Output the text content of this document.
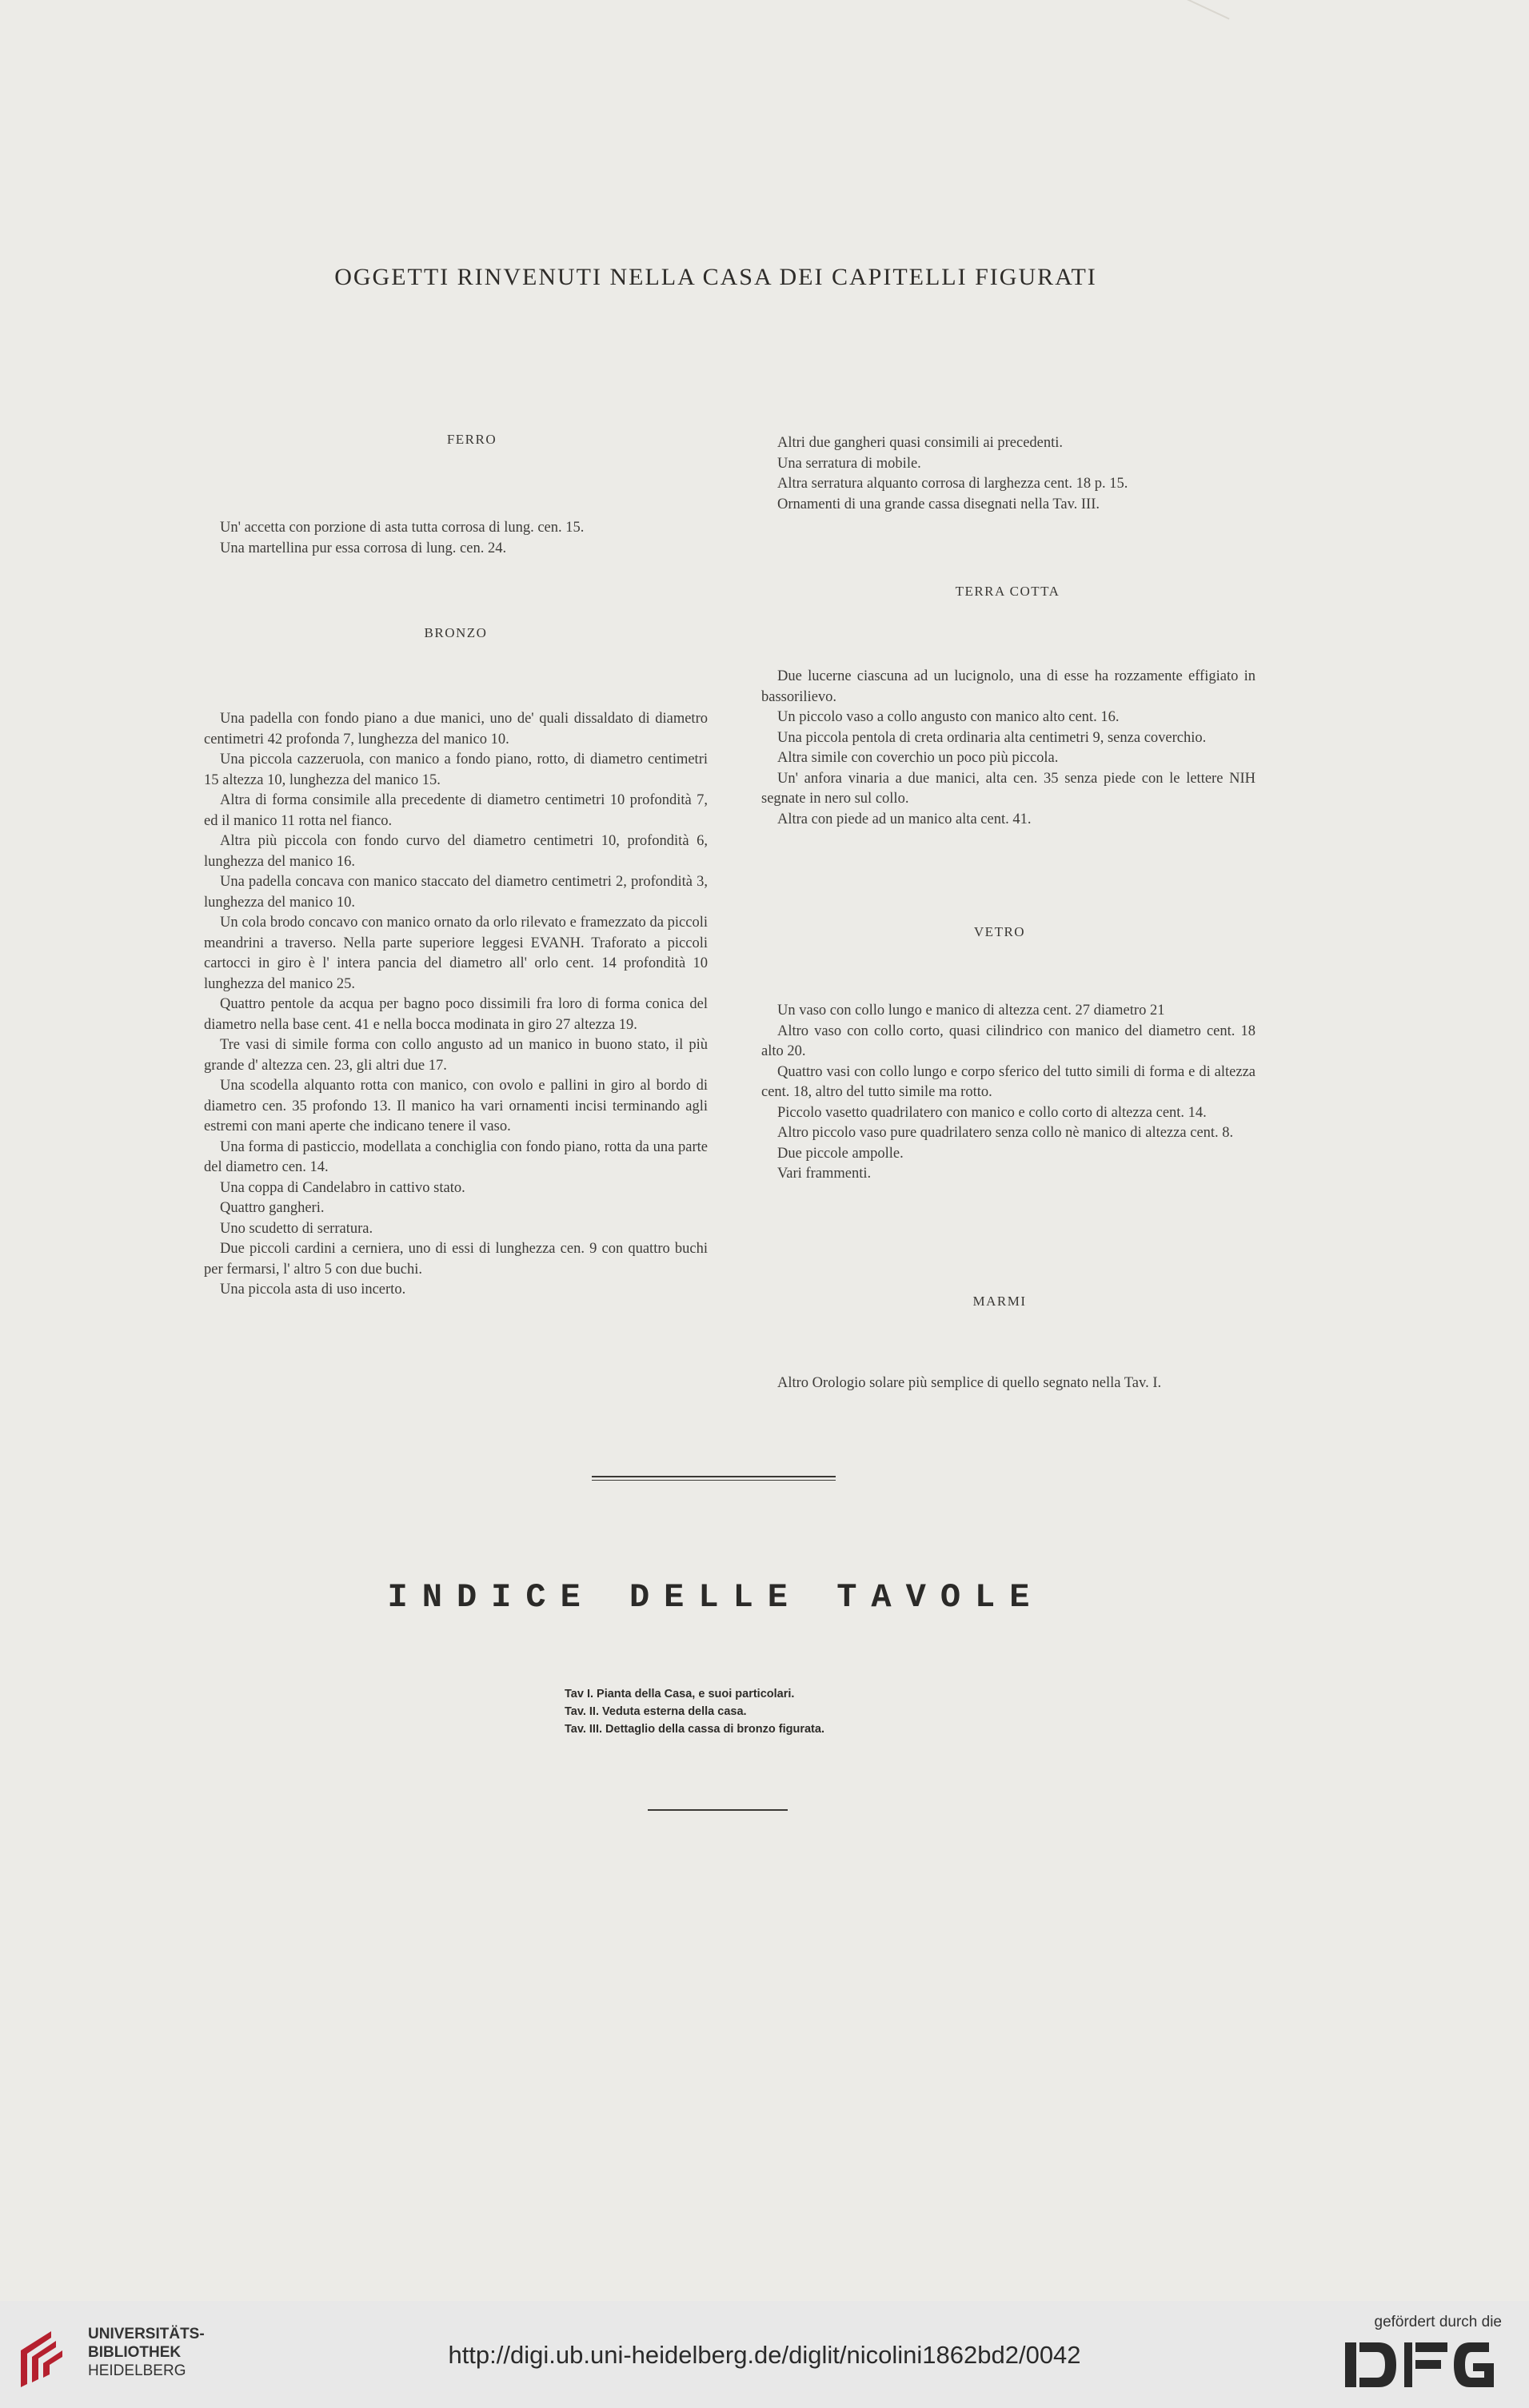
OGGETTI RINVENUTI NELLA CASA DEI CAPITELLI FIGURATI
FERRO

Un' accetta con porzione di asta tutta corrosa di lung. cen. 15.

Una martellina pur essa corrosa di lung. cen. 24.

BRONZO

Una padella con fondo piano a due manici, uno de' quali dissaldato di diametro centimetri 42 profonda 7, lunghezza del manico 10.

Una piccola cazzeruola, con manico a fondo piano, rotto, di diametro centimetri 15 altezza 10, lunghezza del manico 15.

Altra di forma consimile alla precedente di diametro centimetri 10 profondità 7, ed il manico 11 rotta nel fianco.

Altra più piccola con fondo curvo del diametro centimetri 10, profondità 6, lunghezza del manico 16.

Una padella concava con manico staccato del diametro centimetri 2, profondità 3, lunghezza del manico 10.

Un cola brodo concavo con manico ornato da orlo rilevato e framezzato da piccoli meandrini a traverso. Nella parte superiore leggesi EVANH. Traforato a piccoli cartocci in giro è l' intera pancia del diametro all' orlo cent. 14 profondità 10 lunghezza del manico 25.

Quattro pentole da acqua per bagno poco dissimili fra loro di forma conica del diametro nella base cent. 41 e nella bocca modinata in giro 27 altezza 19.

Tre vasi di simile forma con collo angusto ad un manico in buono stato, il più grande d' altezza cen. 23, gli altri due 17.

Una scodella alquanto rotta con manico, con ovolo e pallini in giro al bordo di diametro cen. 35 profondo 13. Il manico ha vari ornamenti incisi terminando agli estremi con mani aperte che indicano tenere il vaso.

Una forma di pasticcio, modellata a conchiglia con fondo piano, rotta da una parte del diametro cen. 14.

Una coppa di Candelabro in cattivo stato.

Quattro gangheri.

Uno scudetto di serratura.

Due piccoli cardini a cerniera, uno di essi di lunghezza cen. 9 con quattro buchi per fermarsi, l' altro 5 con due buchi.

Una piccola asta di uso incerto.

Altri due gangheri quasi consimili ai precedenti.

Una serratura di mobile.

Altra serratura alquanto corrosa di larghezza cent. 18 p. 15.

Ornamenti di una grande cassa disegnati nella Tav. III.

TERRA COTTA

Due lucerne ciascuna ad un lucignolo, una di esse ha rozzamente effigiato in bassorilievo.

Un piccolo vaso a collo angusto con manico alto cent. 16.

Una piccola pentola di creta ordinaria alta centimetri 9, senza coverchio.

Altra simile con coverchio un poco più piccola.

Un' anfora vinaria a due manici, alta cen. 35 senza piede con le lettere NIH segnate in nero sul collo.

Altra con piede ad un manico alta cent. 41.

VETRO

Un vaso con collo lungo e manico di altezza cent. 27 diametro 21

Altro vaso con collo corto, quasi cilindrico con manico del diametro cent. 18 alto 20.

Quattro vasi con collo lungo e corpo sferico del tutto simili di forma e di altezza cent. 18, altro del tutto simile ma rotto.

Piccolo vasetto quadrilatero con manico e collo corto di altezza cent. 14.

Altro piccolo vaso pure quadrilatero senza collo nè manico di altezza cent. 8.

Due piccole ampolle.

Vari frammenti.

MARMI

Altro Orologio solare più semplice di quello segnato nella Tav. I.

INDICE DELLE TAVOLE
Tav I. Pianta della Casa, e suoi particolari.
Tav. II. Veduta esterna della casa.
Tav. III. Dettaglio della cassa di bronzo figurata.
UNIVERSITÄTS-
BIBLIOTHEK
HEIDELBERG
http://digi.ub.uni-heidelberg.de/diglit/nicolini1862bd2/0042
gefördert durch die
